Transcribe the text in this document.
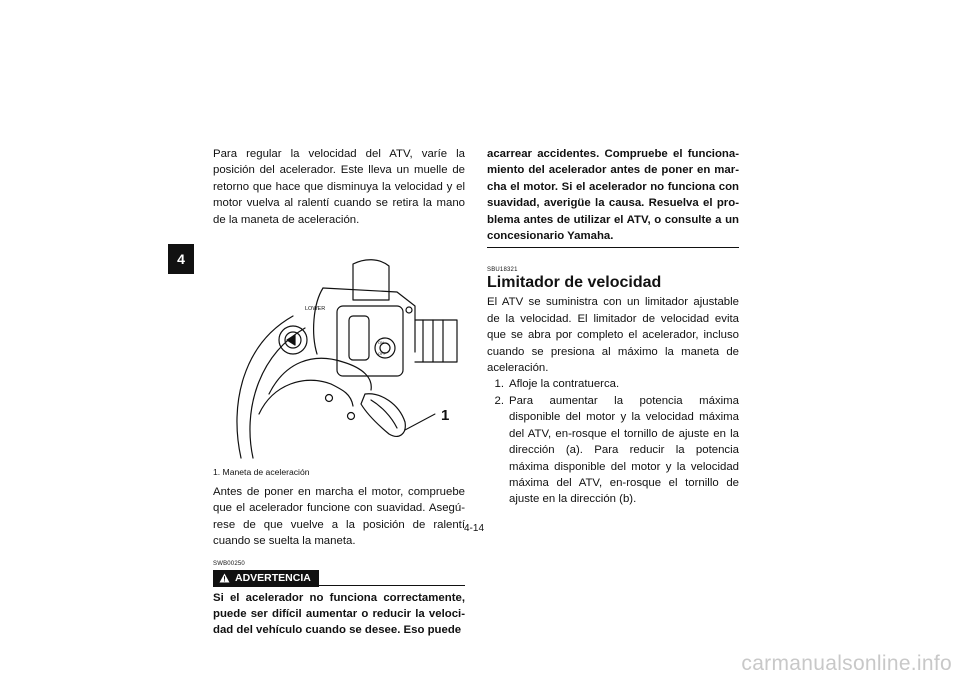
4

Para regular la velocidad del ATV, varíe la posición del acelerador. Este lleva un muelle de retorno que hace que disminuya la velocidad y el motor vuelva al ralentí cuando se retira la mano de la maneta de aceleración.

LOWER
ON
OFF
1
1. Maneta de aceleración

Antes de poner en marcha el motor, compruebe que el acelerador funcione con suavidad. Asegú-rese de que vuelve a la posición de ralentí cuando se suelta la maneta.

SWB00250
ADVERTENCIA

Si el acelerador no funciona correctamente, puede ser difícil aumentar o reducir la veloci-dad del vehículo cuando se desee. Eso puede

acarrear accidentes. Compruebe el funciona-miento del acelerador antes de poner en mar-cha el motor. Si el acelerador no funciona con suavidad, averigüe la causa. Resuelva el pro-blema antes de utilizar el ATV, o consulte a un concesionario Yamaha.

SBU18321
Limitador de velocidad

El ATV se suministra con un limitador ajustable de la velocidad. El limitador de velocidad evita que se abra por completo el acelerador, incluso cuando se presiona al máximo la maneta de aceleración.

1. Afloje la contratuerca.
2. Para aumentar la potencia máxima disponible del motor y la velocidad máxima del ATV, en-rosque el tornillo de ajuste en la dirección (a). Para reducir la potencia máxima disponible del motor y la velocidad máxima del ATV, en-rosque el tornillo de ajuste en la dirección (b).
4-14
carmanualsonline.info
